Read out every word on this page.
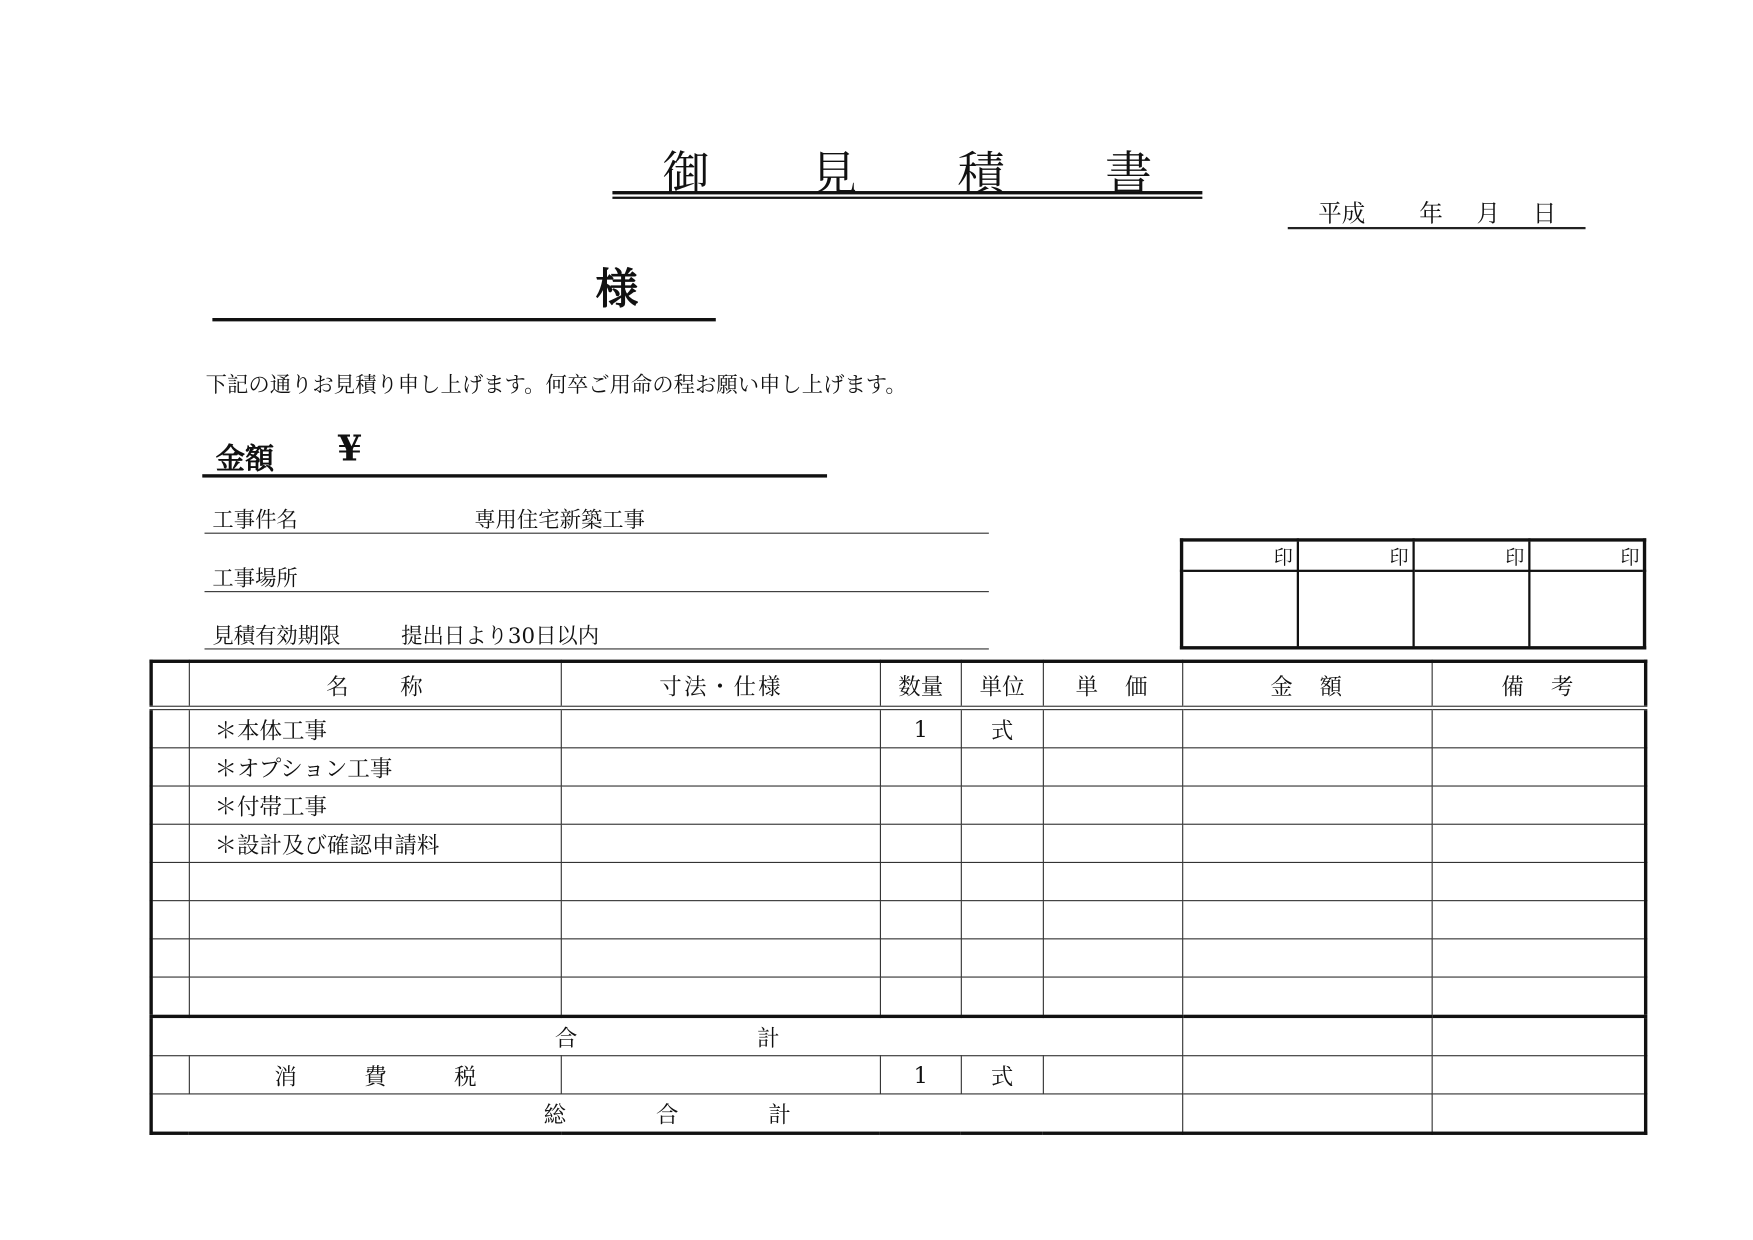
御 見 積 書
平成	年 月 日
様
下記の通りお見積り申し上げます。何卒ご用命の程お願い申し上げます。
金額 ¥
工事件名	専用住宅新築工事
工事場所
見積有効期限	提出日より30日以内
印	印	印	印

	名　　称	寸法・仕様	数量	単位	単　価	金　額	備　考
	＊本体工事		1	式			
	＊オプション工事						
	＊付帯工事						
	＊設計及び確認申請料						

合　　　　　　　　計							
	消　　　費　　　税		1	式			
総　　　　合　　　　計							
